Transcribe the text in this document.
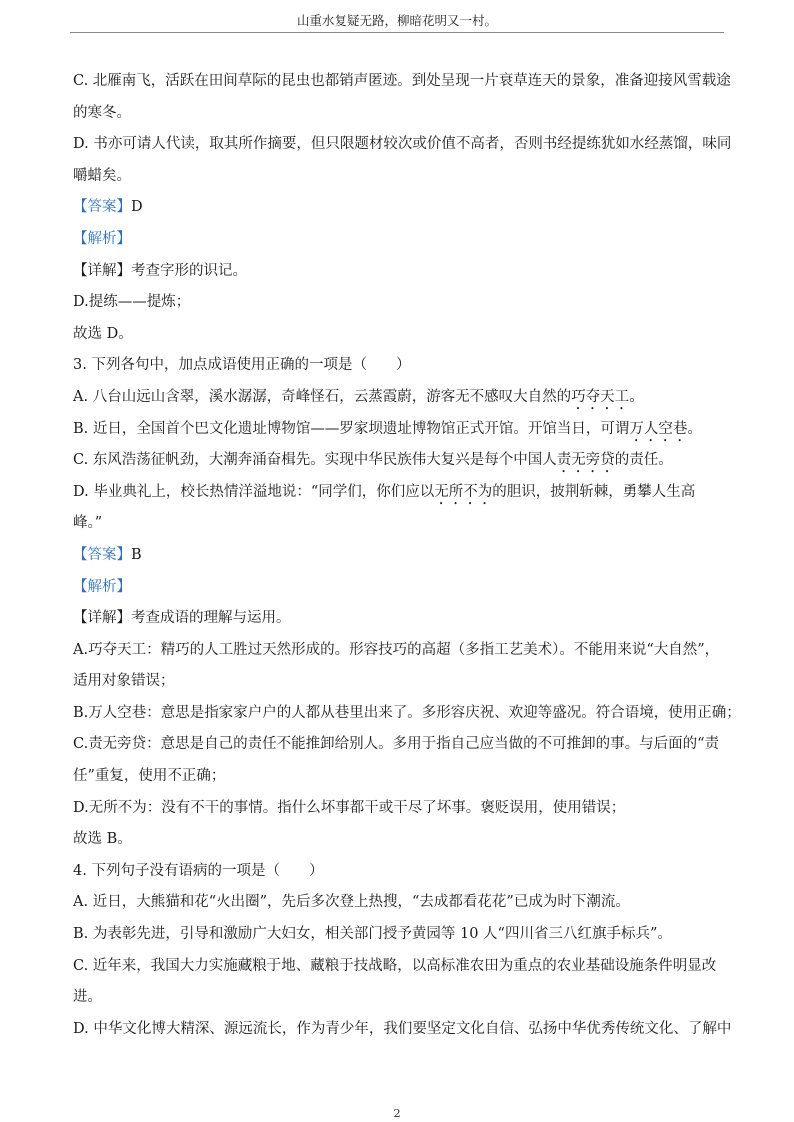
山重水复疑无路，柳暗花明又一村。
C. 北雁南飞，活跃在田间草际的昆虫也都销声匿迹。到处呈现一片衰草连天的景象，准备迎接风雪载途
的寒冬。
D. 书亦可请人代读，取其所作摘要，但只限题材较次或价值不高者，否则书经提练犹如水经蒸馏，味同
嚼蜡矣。
【答案】D
【解析】
【详解】考查字形的识记。
D.提练——提炼；
故选 D。
3. 下列各句中，加点成语使用正确的一项是（　　）
A. 八台山远山含翠，溪水潺潺，奇峰怪石，云蒸霞蔚，游客无不感叹大自然的巧夺天工。
B. 近日，全国首个巴文化遗址博物馆——罗家坝遗址博物馆正式开馆。开馆当日，可谓万人空巷。
C. 东风浩荡征帆劲，大潮奔涌奋楫先。实现中华民族伟大复兴是每个中国人责无旁贷的责任。
D. 毕业典礼上，校长热情洋溢地说：“同学们，你们应以无所不为的胆识，披荆斩棘，勇攀人生高
峰。”
【答案】B
【解析】
【详解】考查成语的理解与运用。
A.巧夺天工：精巧的人工胜过天然形成的。形容技巧的高超（多指工艺美术）。不能用来说“大自然”，
适用对象错误；
B.万人空巷：意思是指家家户户的人都从巷里出来了。多形容庆祝、欢迎等盛况。符合语境，使用正确；
C.责无旁贷：意思是自己的责任不能推卸给别人。多用于指自己应当做的不可推卸的事。与后面的“责
任”重复，使用不正确；
D.无所不为：没有不干的事情。指什么坏事都干或干尽了坏事。褒贬误用，使用错误；
故选 B。
4. 下列句子没有语病的一项是（　　）
A. 近日，大熊猫和花“火出圈”，先后多次登上热搜，“去成都看花花”已成为时下潮流。
B. 为表彰先进，引导和激励广大妇女，相关部门授予黄园等 10 人“四川省三八红旗手标兵”。
C. 近年来，我国大力实施藏粮于地、藏粮于技战略，以高标准农田为重点的农业基础设施条件明显改
进。
D. 中华文化博大精深、源远流长，作为青少年，我们要坚定文化自信、弘扬中华优秀传统文化、了解中
2
